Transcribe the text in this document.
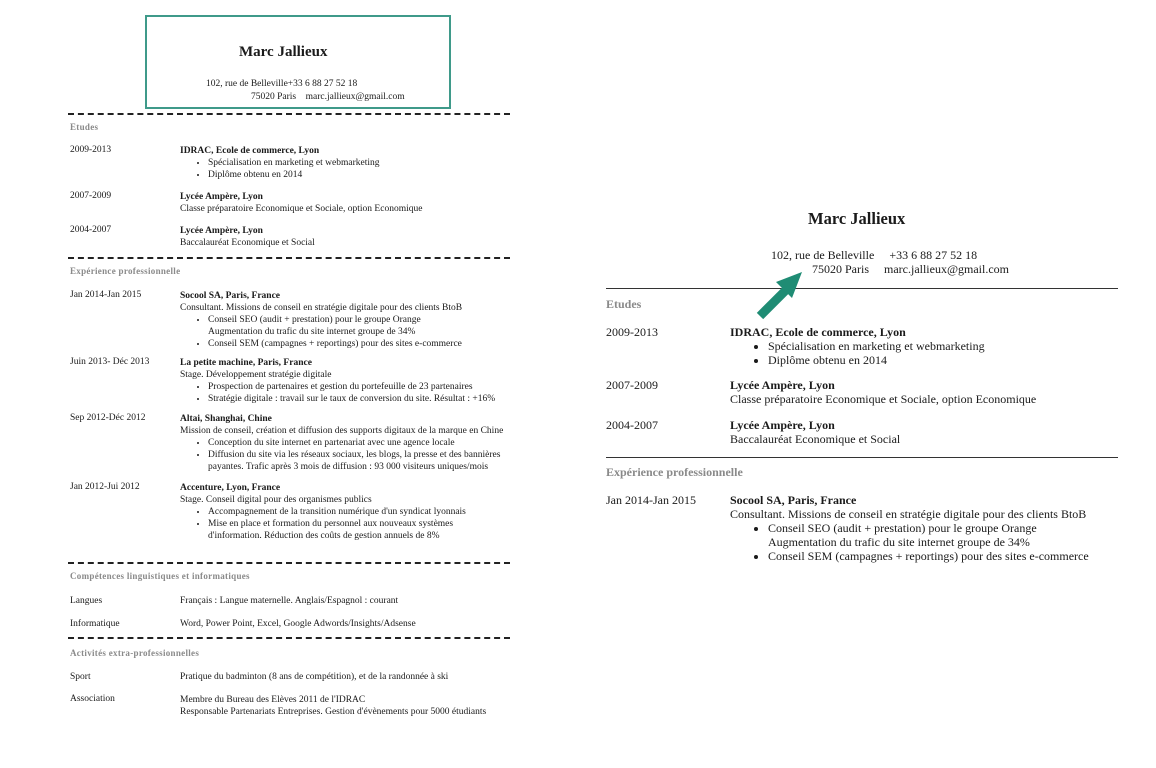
Marc Jallieux
102, rue de Belleville+33 6 88 27 52 18
75020 Paris marc.jallieux@gmail.com
Etudes
2009-2013	IDRAC, Ecole de commerce, Lyon
• Spécialisation en marketing et webmarketing
• Diplôme obtenu en 2014
2007-2009	Lycée Ampère, Lyon
Classe préparatoire Economique et Sociale, option Economique
2004-2007	Lycée Ampère, Lyon
Baccalauréat Economique et Social
Expérience professionnelle
Jan 2014-Jan 2015	Socool SA, Paris, France
Consultant. Missions de conseil en stratégie digitale pour des clients BtoB
• Conseil SEO (audit + prestation) pour le groupe Orange
Augmentation du trafic du site internet groupe de 34%
• Conseil SEM (campagnes + reportings) pour des sites e-commerce
Juin 2013- Déc 2013	La petite machine, Paris, France
Stage. Développement stratégie digitale
• Prospection de partenaires et gestion du portefeuille de 23 partenaires
• Stratégie digitale : travail sur le taux de conversion du site. Résultat : +16%
Sep 2012-Déc 2012	Altai, Shanghai, Chine
Mission de conseil, création et diffusion des supports digitaux de la marque en Chine
• Conception du site internet en partenariat avec une agence locale
• Diffusion du site via les réseaux sociaux, les blogs, la presse et des bannières
payantes. Trafic après 3 mois de diffusion : 93 000 visiteurs uniques/mois
Jan 2012-Jui 2012	Accenture, Lyon, France
Stage. Conseil digital pour des organismes publics
• Accompagnement de la transition numérique d'un syndicat lyonnais
• Mise en place et formation du personnel aux nouveaux systèmes
d'information. Réduction des coûts de gestion annuels de 8%
Compétences linguistiques et informatiques
Langues	Français : Langue maternelle. Anglais/Espagnol : courant
Informatique	Word, Power Point, Excel, Google Adwords/Insights/Adsense
Activités extra-professionnelles
Sport	Pratique du badminton (8 ans de compétition), et de la randonnée à ski
Association	Membre du Bureau des Elèves 2011 de l'IDRAC
Responsable Partenariats Entreprises. Gestion d'évènements pour 5000 étudiants
Marc Jallieux
102, rue de Belleville +33 6 88 27 52 18
75020 Paris marc.jallieux@gmail.com
Etudes
2009-2013	IDRAC, Ecole de commerce, Lyon
• Spécialisation en marketing et webmarketing
• Diplôme obtenu en 2014
2007-2009	Lycée Ampère, Lyon
Classe préparatoire Economique et Sociale, option Economique
2004-2007	Lycée Ampère, Lyon
Baccalauréat Economique et Social
Expérience professionnelle
Jan 2014-Jan 2015	Socool SA, Paris, France
Consultant. Missions de conseil en stratégie digitale pour des clients BtoB
• Conseil SEO (audit + prestation) pour le groupe Orange
Augmentation du trafic du site internet groupe de 34%
• Conseil SEM (campagnes + reportings) pour des sites e-commerce
